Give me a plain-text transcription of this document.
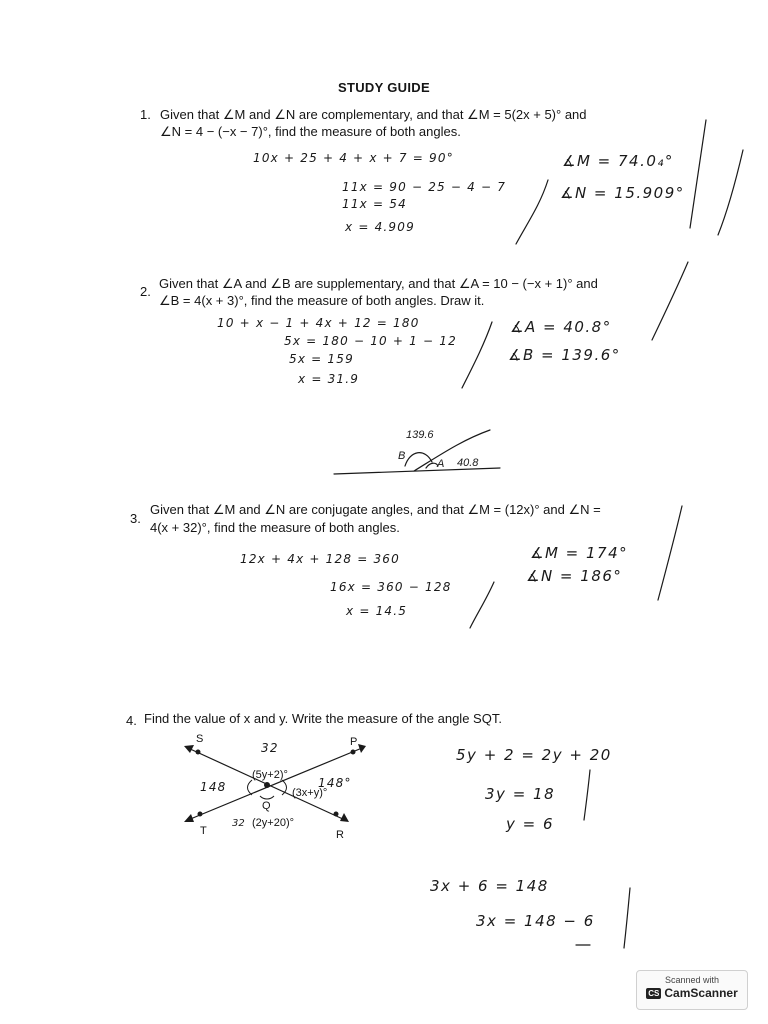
STUDY GUIDE
1. Given that ∠M and ∠N are complementary, and that ∠M = 5(2x + 5)° and
∠N = 4 − (−x − 7)°, find the measure of both angles.
10x + 25 + 4 + x + 7 = 90°
11x = 90 − 25 − 4 − 7
11x = 54
x = 4.909
∡M = 74.0₄°
∡N = 15.909°
2.
Given that ∠A and ∠B are supplementary, and that ∠A = 10 − (−x + 1)° and
∠B = 4(x + 3)°, find the measure of both angles. Draw it.
10 + x − 1 + 4x + 12 = 180
5x = 180 − 10 + 1 − 12
5x = 159
x = 31.9
∡A = 40.8°
∡B = 139.6°
139.6
B
A 40.8
3.
Given that ∠M and ∠N are conjugate angles, and that ∠M = (12x)° and ∠N =
4(x + 32)°, find the measure of both angles.
12x + 4x + 128 = 360
16x = 360 − 128
x = 14.5
∡M = 174°
∡N = 186°
4. Find the value of x and y. Write the measure of the angle SQT.
5y + 2 = 2y + 20
3y = 18
y = 6
3x + 6 = 148
3x = 148 − 6
S	P
T	R
Q
(5y+2)°
(3x+y)°
(2y+20)°
32
148	148°
32
Scanned with
CS CamScanner
